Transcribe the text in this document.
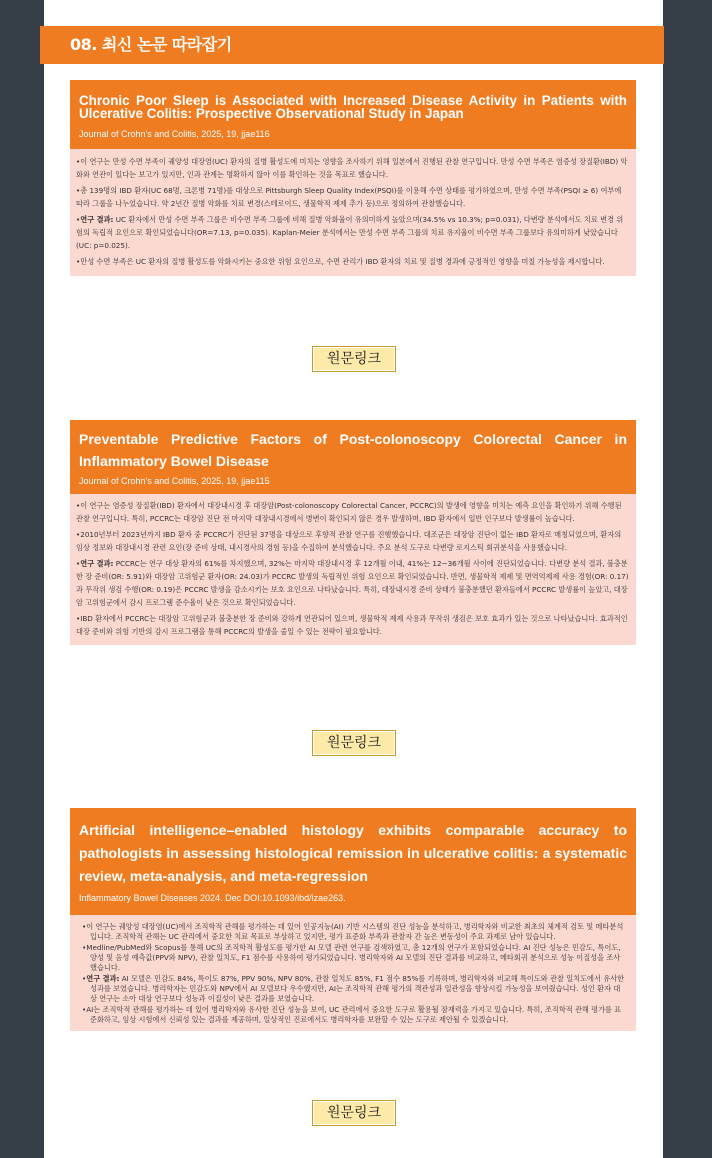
08. 최신 논문 따라잡기
Chronic Poor Sleep is Associated with Increased Disease Activity in Patients with Ulcerative Colitis: Prospective Observational Study in Japan
Journal of Crohn's and Colitis, 2025, 19, jjae116

• 이 연구는 만성 수면 부족이 궤양성 대장염(UC) 환자의 질병 활성도에 미치는 영향을 조사하기 위해 일본에서 진행된 관찰 연구입니다. 만성 수면 부족은 염증성 장질환(IBD) 악화와 연관이 있다는 보고가 있지만, 인과 관계는 명확하지 않아 이를 확인하는 것을 목표로 했습니다.

• 총 139명의 IBD 환자(UC 68명, 크론병 71명)를 대상으로 Pittsburgh Sleep Quality Index(PSQI)를 이용해 수면 상태를 평가하였으며, 만성 수면 부족(PSQI ≥ 6) 여부에 따라 그룹을 나누었습니다. 약 2년간 질병 악화를 치료 변경(스테로이드, 생물학적 제제 추가 등)으로 정의하여 관찰했습니다.

• 연구 결과: UC 환자에서 만성 수면 부족 그룹은 비수면 부족 그룹에 비해 질병 악화율이 유의미하게 높았으며(34.5% vs 10.3%; p=0.031), 다변량 분석에서도 치료 변경 위험의 독립적 요인으로 확인되었습니다(OR=7.13, p=0.035). Kaplan-Meier 분석에서는 만성 수면 부족 그룹의 치료 유지율이 비수면 부족 그룹보다 유의미하게 낮았습니다(UC: p=0.025).

• 만성 수면 부족은 UC 환자의 질병 활성도를 악화시키는 중요한 위험 요인으로, 수면 관리가 IBD 환자의 치료 및 질병 경과에 긍정적인 영향을 미칠 가능성을 제시합니다.

원문링크
Preventable Predictive Factors of Post-colonoscopy Colorectal Cancer in Inflammatory Bowel Disease
Journal of Crohn's and Colitis, 2025, 19, jjae115

• 이 연구는 염증성 장질환(IBD) 환자에서 대장내시경 후 대장암(Post-colonoscopy Colorectal Cancer, PCCRC)의 발생에 영향을 미치는 예측 요인을 확인하기 위해 수행된 관찰 연구입니다. 특히, PCCRC는 대장암 진단 전 마지막 대장내시경에서 병변이 확인되지 않은 경우 발생하며, IBD 환자에서 일반 인구보다 발생률이 높습니다.

• 2010년부터 2023년까지 IBD 환자 중 PCCRC가 진단된 37명을 대상으로 후향적 관찰 연구를 진행했습니다. 대조군은 대장암 진단이 없는 IBD 환자로 매칭되었으며, 환자의 임상 정보와 대장내시경 관련 요인(장 준비 상태, 내시경사의 경험 등)을 수집하여 분석했습니다. 주요 분석 도구로 다변량 로지스틱 회귀분석을 사용했습니다.

• 연구 결과: PCCRC는 연구 대상 환자의 61%를 차지했으며, 32%는 마지막 대장내시경 후 12개월 이내, 41%는 12~36개월 사이에 진단되었습니다. 다변량 분석 결과, 불충분한 장 준비(OR: 5.91)와 대장암 고위험군 환자(OR: 24.03)가 PCCRC 발생의 독립적인 위험 요인으로 확인되었습니다. 반면, 생물학적 제제 및 면역억제제 사용 경험(OR: 0.17)과 무작위 생검 수행(OR: 0.19)은 PCCRC 발생을 감소시키는 보호 요인으로 나타났습니다. 특히, 대장내시경 준비 상태가 불충분했던 환자들에서 PCCRC 발생률이 높았고, 대장암 고위험군에서 감시 프로그램 준수율이 낮은 것으로 확인되었습니다.

• IBD 환자에서 PCCRC는 대장암 고위험군과 불충분한 장 준비와 강하게 연관되어 있으며, 생물학적 제제 사용과 무작위 생검은 보호 효과가 있는 것으로 나타났습니다. 효과적인 대장 준비와 위험 기반의 감시 프로그램을 통해 PCCRC의 발생을 줄일 수 있는 전략이 필요합니다.

원문링크
Artificial intelligence–enabled histology exhibits comparable accuracy to pathologists in assessing histological remission in ulcerative colitis: a systematic review, meta-analysis, and meta-regression
Inflammatory Bowel Diseases 2024. Dec DOI:10.1093/ibd/izae263.

• 이 연구는 궤양성 대장염(UC)에서 조직학적 관해를 평가하는 데 있어 인공지능(AI) 기반 시스템의 진단 성능을 분석하고, 병리학자와 비교한 최초의 체계적 검토 및 메타분석입니다. 조직학적 관해는 UC 관리에서 중요한 치료 목표로 부상하고 있지만, 평가 표준화 부족과 관찰자 간 높은 변동성이 주요 과제로 남아 있습니다.

• Medline/PubMed와 Scopus를 통해 UC의 조직학적 활성도를 평가한 AI 모델 관련 연구를 검색하였고, 총 12개의 연구가 포함되었습니다. AI 진단 성능은 민감도, 특이도, 양성 및 음성 예측값(PPV와 NPV), 관찰 일치도, F1 점수를 사용하여 평가되었습니다. 병리학자와 AI 모델의 진단 결과를 비교하고, 메타회귀 분석으로 성능 이질성을 조사했습니다.

• 연구 결과: AI 모델은 민감도 84%, 특이도 87%, PPV 90%, NPV 80%, 관찰 일치도 85%, F1 점수 85%를 기록하며, 병리학자와 비교해 특이도와 관찰 일치도에서 유사한 성과를 보였습니다. 병리학자는 민감도와 NPV에서 AI 모델보다 우수했지만, AI는 조직학적 관해 평가의 객관성과 일관성을 향상시킬 가능성을 보여줬습니다. 성인 환자 대상 연구는 소아 대상 연구보다 성능과 이질성이 낮은 결과를 보였습니다.

• AI는 조직학적 관해를 평가하는 데 있어 병리학자와 유사한 진단 성능을 보여, UC 관리에서 중요한 도구로 활용될 잠재력을 가지고 있습니다. 특히, 조직학적 관해 평가를 표준화하고, 임상 시험에서 신뢰성 있는 결과를 제공하며, 일상적인 진료에서도 병리학자를 보완할 수 있는 도구로 제안될 수 있겠습니다.

원문링크
